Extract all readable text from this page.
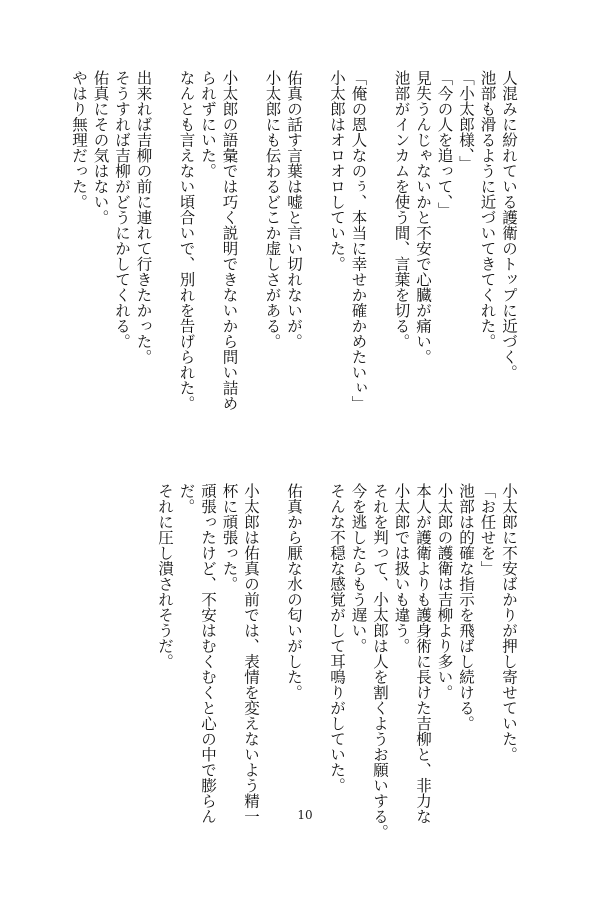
人混みに紛れている護衛のトップに近づく。
池部も滑るように近づいてきてくれた。
「小太郎様、」
「今の人を追って、」
見失うんじゃないかと不安で心臓が痛い。
池部がインカムを使う間、言葉を切る。
「俺の恩人なのぅ、本当に幸せか確かめたいぃ」
小太郎はオロオロしていた。
佑真の話す言葉は嘘と言い切れないが。
小太郎にも伝わるどこか虚しさがある。
小太郎の語彙では巧く説明できないから問い詰め
られずにいた。
なんとも言えない頃合いで、別れを告げられた。
出来れば吉柳の前に連れて行きたかった。
そうすれば吉柳がどうにかしてくれる。
佑真にその気はない。
やはり無理だった。
小太郎に不安ばかりが押し寄せていた。
「お任せを」
池部は的確な指示を飛ばし続ける。
小太郎の護衛は吉柳より多い。
本人が護衛よりも護身術に長けた吉柳と、非力な
小太郎では扱いも違う。
それを判って、小太郎は人を割くようお願いする。
今を逃したらもう遅い。
そんな不穏な感覚がして耳鳴りがしていた。
佑真から厭な水の匂いがした。
小太郎は佑真の前では、表情を変えないよう精一
杯に頑張った。
頑張ったけど、不安はむくむくと心の中で膨らん
だ。
それに圧し潰されそうだ。
10
